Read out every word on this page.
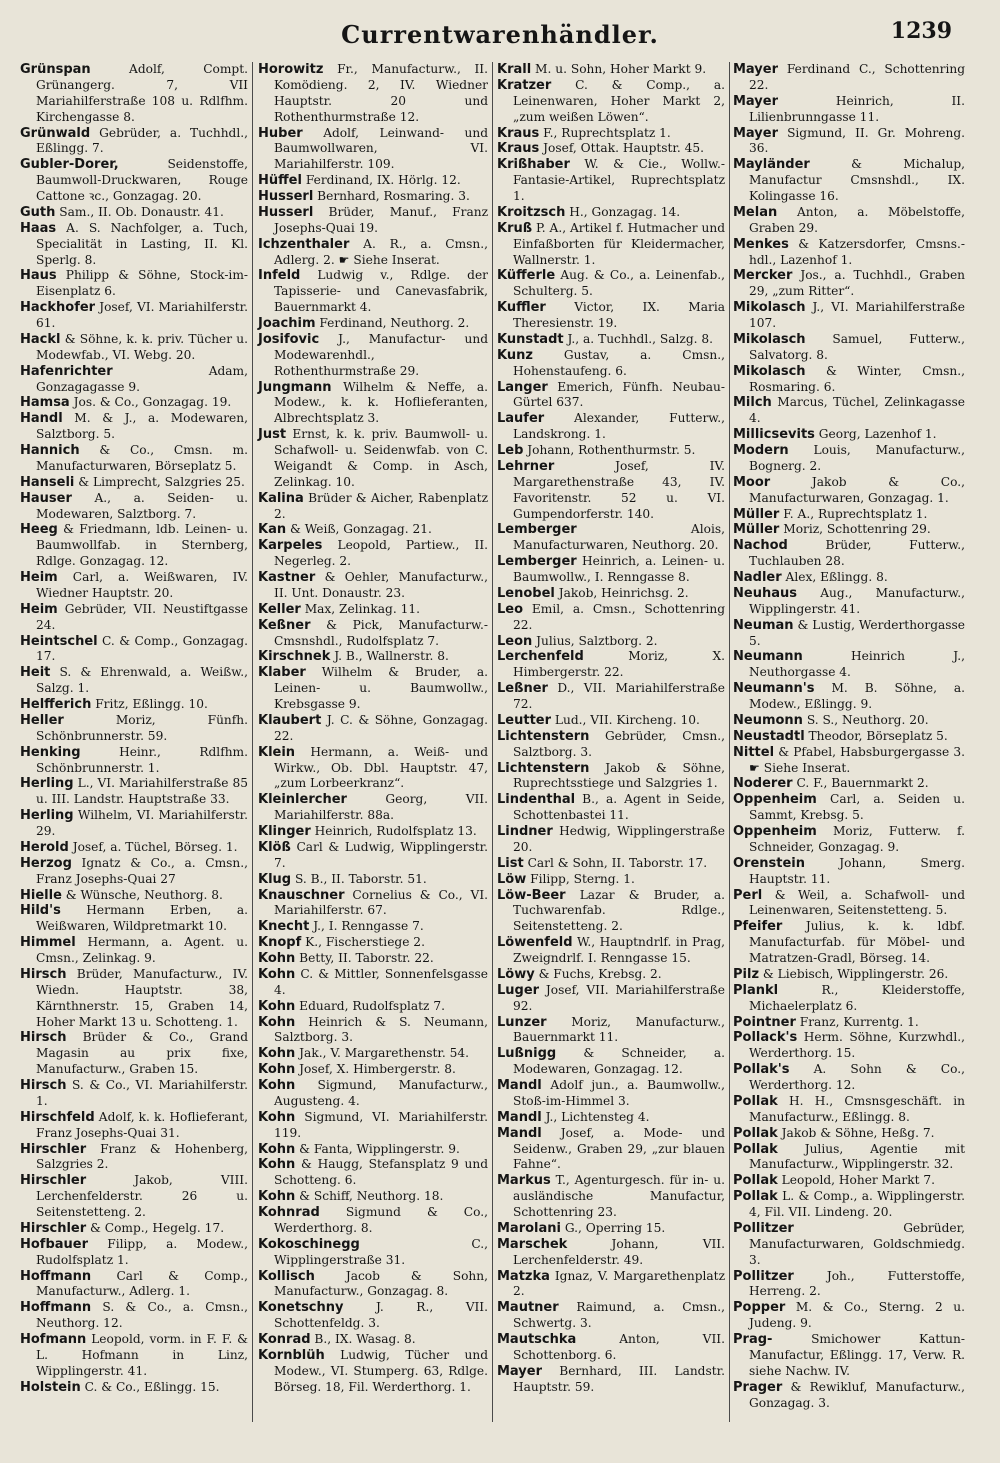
Currentwarenhändler.	1239

Grünspan	Adolf, Compt. Grünangerg. 7, VII Mariahilferstraße 108 u. Rdlfhm. Kirchengasse 8.

Grünwald Gebrüder, a. Tuchhdl., Eßlingg. 7.

Gubler-Dorer,	Seidenstoffe, Baumwoll-Druckwaren, Rouge Cattone ꝛc., Gonzagag. 20.

Guth Sam., II. Ob. Donaustr. 41.

Haas A. S. Nachfolger, a. Tuch, Specialität in Lasting, II. Kl. Sperlg. 8.

Haus Philipp & Söhne, Stock-im-Eisenplatz 6.

Hackhofer Josef, VI. Mariahilferstr. 61.

Hackl & Söhne, k. k. priv. Tücher u. Modewfab., VI. Webg. 20.

Hafenrichter	Adam, Gonzagagasse 9.

Hamsa Jos. & Co., Gonzagag. 19.

Handl M. & J., a. Modewaren, Salztborg. 5.

Hannich & Co., Cmsn. m. Manufacturwaren, Börseplatz 5.

Hanseli & Limprecht, Salzgries 25.

Hauser A., a. Seiden- u. Modewaren, Salztborg. 7.

Heeg & Friedmann, ldb. Leinen- u. Baumwollfab. in Sternberg, Rdlge. Gonzagag. 12.

Heim Carl, a. Weißwaren, IV. Wiedner Hauptstr. 20.

Heim Gebrüder, VII. Neustiftgasse 24.

Heintschel C. & Comp., Gonzagag. 17.

Heit S. & Ehrenwald, a. Weißw., Salzg. 1.

Helfferich Fritz, Eßlingg. 10.

Heller	Moriz, Fünfh. Schönbrunnerstr. 59.

Henking	Heinr., Rdlfhm. Schönbrunnerstr. 1.

Herling L., VI. Mariahilferstraße 85 u. III. Landstr. Hauptstraße 33.

Herling Wilhelm, VI. Mariahilferstr. 29.

Herold Josef, a. Tüchel, Börseg. 1.

Herzog Ignatz & Co., a. Cmsn., Franz Josephs-Quai 27

Hielle & Wünsche, Neuthorg. 8.

Hild's Hermann Erben, a. Weißwaren, Wildpretmarkt 10.

Himmel Hermann, a. Agent. u. Cmsn., Zelinkag. 9.

Hirsch Brüder, Manufacturw., IV. Wiedn. Hauptstr. 38, Kärnthnerstr. 15, Graben 14, Hoher Markt 13 u. Schotteng. 1.

Hirsch Brüder & Co., Grand Magasin au prix fixe, Manufacturw., Graben 15.

Hirsch S. & Co., VI. Mariahilferstr. 1.

Hirschfeld Adolf, k. k. Hoflieferant, Franz Josephs-Quai 31.

Hirschler Franz & Hohenberg, Salzgries 2.

Hirschler	Jakob, VIII. Lerchenfelderstr. 26 u. Seitenstetteng. 2.

Hirschler & Comp., Hegelg. 17.

Hofbauer Filipp, a. Modew., Rudolfsplatz 1.

Hoffmann Carl & Comp., Manufacturw., Adlerg. 1.

Hoffmann S. & Co., a. Cmsn., Neuthorg. 12.

Hofmann Leopold, vorm. in F. F. & L. Hofmann in Linz, Wipplingerstr. 41.

Holstein C. & Co., Eßlingg. 15.

Horowitz Fr., Manufacturw., II. Komödieng. 2, IV. Wiedner Hauptstr. 20 und Rothenthurmstraße 12.

Huber Adolf, Leinwand- und Baumwollwaren, VI. Mariahilferstr. 109.

Hüffel Ferdinand, IX. Hörlg. 12.

Husserl Bernhard, Rosmaring. 3.

Husserl Brüder, Manuf., Franz Josephs-Quai 19.

Ichzenthaler A. R., a. Cmsn., Adlerg. 2. ☛ Siehe Inserat.

Infeld Ludwig v., Rdlge. der Tapisserie- und Canevasfabrik, Bauernmarkt 4.

Joachim Ferdinand, Neuthorg. 2.

Josifovic J., Manufactur- und Modewarenhdl., Rothenthurmstraße 29.

Jungmann Wilhelm & Neffe, a. Modew., k. k. Hoflieferanten, Albrechtsplatz 3.

Just Ernst, k. k. priv. Baumwoll- u. Schafwoll- u. Seidenwfab. von C. Weigandt & Comp. in Asch, Zelinkag. 10.

Kalina Brüder & Aicher, Rabenplatz 2.

Kan & Weiß, Gonzagag. 21.

Karpeles Leopold, Partiew., II. Negerleg. 2.

Kastner & Oehler, Manufacturw., II. Unt. Donaustr. 23.

Keller Max, Zelinkag. 11.

Keßner & Pick, Manufacturw.-Cmsnshdl., Rudolfsplatz 7.

Kirschnek J. B., Wallnerstr. 8.

Klaber Wilhelm & Bruder, a. Leinen- u. Baumwollw., Krebsgasse 9.

Klaubert J. C. & Söhne, Gonzagag. 22.

Klein Hermann, a. Weiß- und Wirkw., Ob. Dbl. Hauptstr. 47, „zum Lorbeerkranz“.

Kleinlercher	Georg, VII. Mariahilferstr. 88a.

Klinger Heinrich, Rudolfsplatz 13.

Klöß Carl & Ludwig, Wipplingerstr. 7.

Klug S. B., II. Taborstr. 51.

Knauschner Cornelius & Co., VI. Mariahilferstr. 67.

Knecht J., I. Renngasse 7.

Knopf K., Fischerstiege 2.

Kohn Betty, II. Taborstr. 22.

Kohn C. & Mittler, Sonnenfelsgasse 4.

Kohn Eduard, Rudolfsplatz 7.

Kohn Heinrich & S. Neumann, Salztborg. 3.

Kohn Jak., V. Margarethenstr. 54.

Kohn Josef, X. Himbergerstr. 8.

Kohn Sigmund, Manufacturw., Augusteng. 4.

Kohn Sigmund, VI. Mariahilferstr. 119.

Kohn & Fanta, Wipplingerstr. 9.

Kohn & Haugg, Stefansplatz 9 und Schotteng. 6.

Kohn & Schiff, Neuthorg. 18.

Kohnrad Sigmund & Co., Werderthorg. 8.

Kokoschinegg	C., Wipplingerstraße 31.

Kollisch	Jacob & Sohn, Manufacturw., Gonzagag. 8.

Konetschny	J. R., VII. Schottenfeldg. 3.

Konrad B., IX. Wasag. 8.

Kornblüh Ludwig, Tücher und Modew., VI. Stumperg. 63, Rdlge. Börseg. 18, Fil. Werderthorg. 1.

Krall M. u. Sohn, Hoher Markt 9.

Kratzer C. & Comp., a. Leinenwaren, Hoher Markt 2, „zum weißen Löwen“.

Kraus F., Ruprechtsplatz 1.

Kraus Josef, Ottak. Hauptstr. 45.

Krißhaber W. & Cie., Wollw.-Fantasie-Artikel, Ruprechtsplatz 1.

Kroitzsch H., Gonzagag. 14.

Kruß P. A., Artikel f. Hutmacher und Einfaßborten für Kleidermacher, Wallnerstr. 1.

Küfferle Aug. & Co., a. Leinenfab., Schulterg. 5.

Kuffler Victor, IX. Maria Theresienstr. 19.

Kunstadt J., a. Tuchhdl., Salzg. 8.

Kunz	Gustav, a. Cmsn., Hohenstaufeng. 6.

Langer Emerich, Fünfh. Neubau-Gürtel 637.

Laufer Alexander, Futterw., Landskrong. 1.

Leb Johann, Rothenthurmstr. 5.

Lehrner	Josef, IV. Margarethenstraße 43, IV. Favoritenstr. 52 u. VI. Gumpendorferstr. 140.

Lemberger	Alois, Manufacturwaren, Neuthorg. 20.

Lemberger Heinrich, a. Leinen- u. Baumwollw., I. Renngasse 8.

Lenobel Jakob, Heinrichsg. 2.

Leo Emil, a. Cmsn., Schottenring 22.

Leon Julius, Salztborg. 2.

Lerchenfeld	Moriz, X. Himbergerstr. 22.

Leßner D., VII. Mariahilferstraße 72.

Leutter Lud., VII. Kircheng. 10.

Lichtenstern Gebrüder, Cmsn., Salztborg. 3.

Lichtenstern Jakob & Söhne, Ruprechtsstiege und Salzgries 1.

Lindenthal B., a. Agent in Seide, Schottenbastei 11.

Lindner Hedwig, Wipplingerstraße 20.

List Carl & Sohn, II. Taborstr. 17.

Löw Filipp, Sterng. 1.

Löw-Beer Lazar & Bruder, a. Tuchwarenfab. Rdlge., Seitenstetteng. 2.

Löwenfeld W., Hauptndrlf. in Prag, Zweigndrlf. I. Renngasse 15.

Löwy & Fuchs, Krebsg. 2.

Luger Josef, VII. Mariahilferstraße 92.

Lunzer Moriz, Manufacturw., Bauernmarkt 11.

Lußnigg & Schneider, a. Modewaren, Gonzagag. 12.

Mandl Adolf jun., a. Baumwollw., Stoß-im-Himmel 3.

Mandl J., Lichtensteg 4.

Mandl Josef, a. Mode- und Seidenw., Graben 29, „zur blauen Fahne“.

Markus T., Agenturgesch. für in- u. ausländische Manufactur, Schottenring 23.

Marolani G., Operring 15.

Marschek	Johann, VII. Lerchenfelderstr. 49.

Matzka Ignaz, V. Margarethenplatz 2.

Mautner Raimund, a. Cmsn., Schwertg. 3.

Mautschka	Anton, VII. Schottenborg. 6.

Mayer Bernhard, III. Landstr. Hauptstr. 59.

Mayer Ferdinand C., Schottenring 22.

Mayer	Heinrich, II. Lilienbrunngasse 11.

Mayer Sigmund, II. Gr. Mohreng. 36.

Mayländer	& Michalup, Manufactur Cmsnshdl., IX. Kolingasse 16.

Melan Anton, a. Möbelstoffe, Graben 29.

Menkes & Katzersdorfer, Cmsns.-hdl., Lazenhof 1.

Mercker Jos., a. Tuchhdl., Graben 29, „zum Ritter“.

Mikolasch J., VI. Mariahilferstraße 107.

Mikolasch Samuel, Futterw., Salvatorg. 8.

Mikolasch & Winter, Cmsn., Rosmaring. 6.

Milch Marcus, Tüchel, Zelinkagasse 4.

Millicsevits Georg, Lazenhof 1.

Modern Louis, Manufacturw., Bognerg. 2.

Moor	Jakob & Co., Manufacturwaren, Gonzagag. 1.

Müller F. A., Ruprechtsplatz 1.

Müller Moriz, Schottenring 29.

Nachod	Brüder, Futterw., Tuchlauben 28.

Nadler Alex, Eßlingg. 8.

Neuhaus Aug., Manufacturw., Wipplingerstr. 41.

Neuman & Lustig, Werderthorgasse 5.

Neumann	Heinrich J., Neuthorgasse 4.

Neumann's M. B. Söhne, a. Modew., Eßlingg. 9.

Neumonn S. S., Neuthorg. 20.

Neustadtl Theodor, Börseplatz 5.

Nittel & Pfabel, Habsburgergasse 3. ☛ Siehe Inserat.

Noderer C. F., Bauernmarkt 2.

Oppenheim Carl, a. Seiden u. Sammt, Krebsg. 5.

Oppenheim Moriz, Futterw. f. Schneider, Gonzagag. 9.

Orenstein	Johann, Smerg. Hauptstr. 11.

Perl & Weil, a. Schafwoll- und Leinenwaren, Seitenstetteng. 5.

Pfeifer Julius, k. k. ldbf. Manufacturfab. für Möbel- und Matratzen-Gradl, Börseg. 14.

Pilz & Liebisch, Wipplingerstr. 26.

Plankl	R., Kleiderstoffe, Michaelerplatz 6.

Pointner Franz, Kurrentg. 1.

Pollack's Herm. Söhne, Kurzwhdl., Werderthorg. 15.

Pollak's A. Sohn & Co., Werderthorg. 12.

Pollak H. H., Cmsnsgeschäft. in Manufacturw., Eßlingg. 8.

Pollak Jakob & Söhne, Heßg. 7.

Pollak Julius, Agentie mit Manufacturw., Wipplingerstr. 32.

Pollak Leopold, Hoher Markt 7.

Pollak L. & Comp., a. Wipplingerstr. 4, Fil. VII. Lindeng. 20.

Pollitzer	Gebrüder, Manufacturwaren, Goldschmiedg. 3.

Pollitzer	Joh., Futterstoffe, Herreng. 2.

Popper M. & Co., Sterng. 2 u. Judeng. 9.

Prag-	Smichower Kattun-Manufactur, Eßlingg. 17, Verw. R. siehe Nachw. IV.

Prager & Rewikluf, Manufacturw., Gonzagag. 3.
